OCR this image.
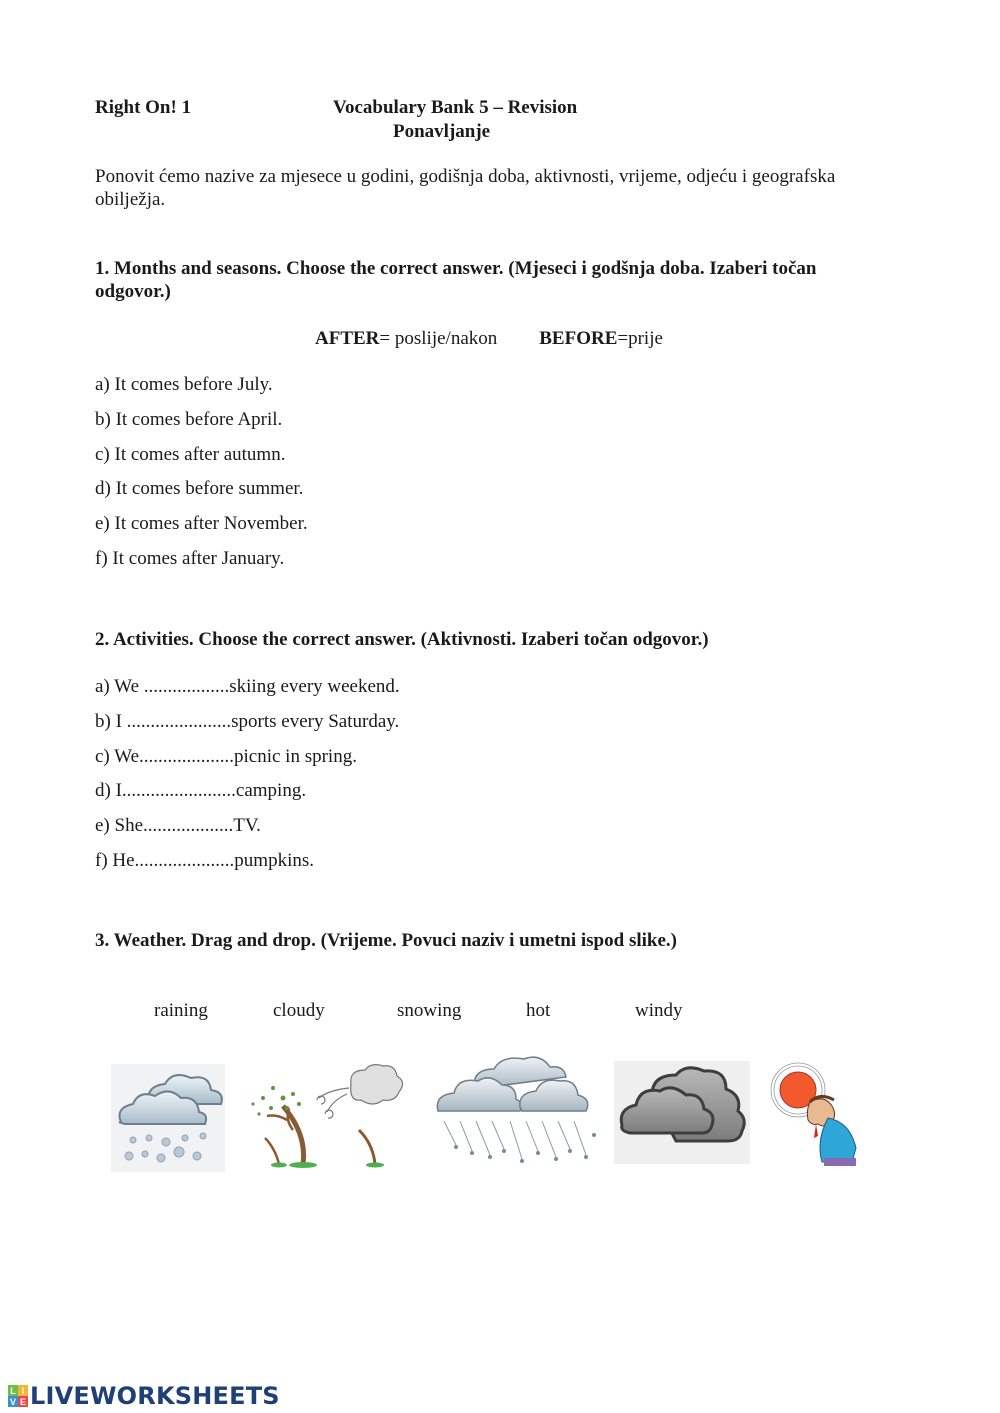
Right On! 1	Vocabulary Bank 5 – Revision
Ponavljanje
Ponovit ćemo nazive za mjesece u godini, godišnja doba, aktivnosti, vrijeme, odjeću i geografska obilježja.
1. Months and seasons. Choose the correct answer. (Mjeseci i godšnja doba. Izaberi točan odgovor.)
AFTER= poslije/nakon BEFORE=prije
a) It comes before July.
b) It comes before April.
c) It comes after autumn.
d) It comes before summer.
e) It comes after November.
f) It comes after January.
2. Activities. Choose the correct answer. (Aktivnosti. Izaberi točan odgovor.)
a) We ..................skiing every weekend.
b) I ......................sports every Saturday.
c) We....................picnic in spring.
d) I........................camping.
e) She...................TV.
f) He.....................pumpkins.
3. Weather. Drag and drop. (Vrijeme. Povuci naziv i umetni ispod slike.)
raining	cloudy	snowing	hot	windy
L I
V E LIVEWORKSHEETS
